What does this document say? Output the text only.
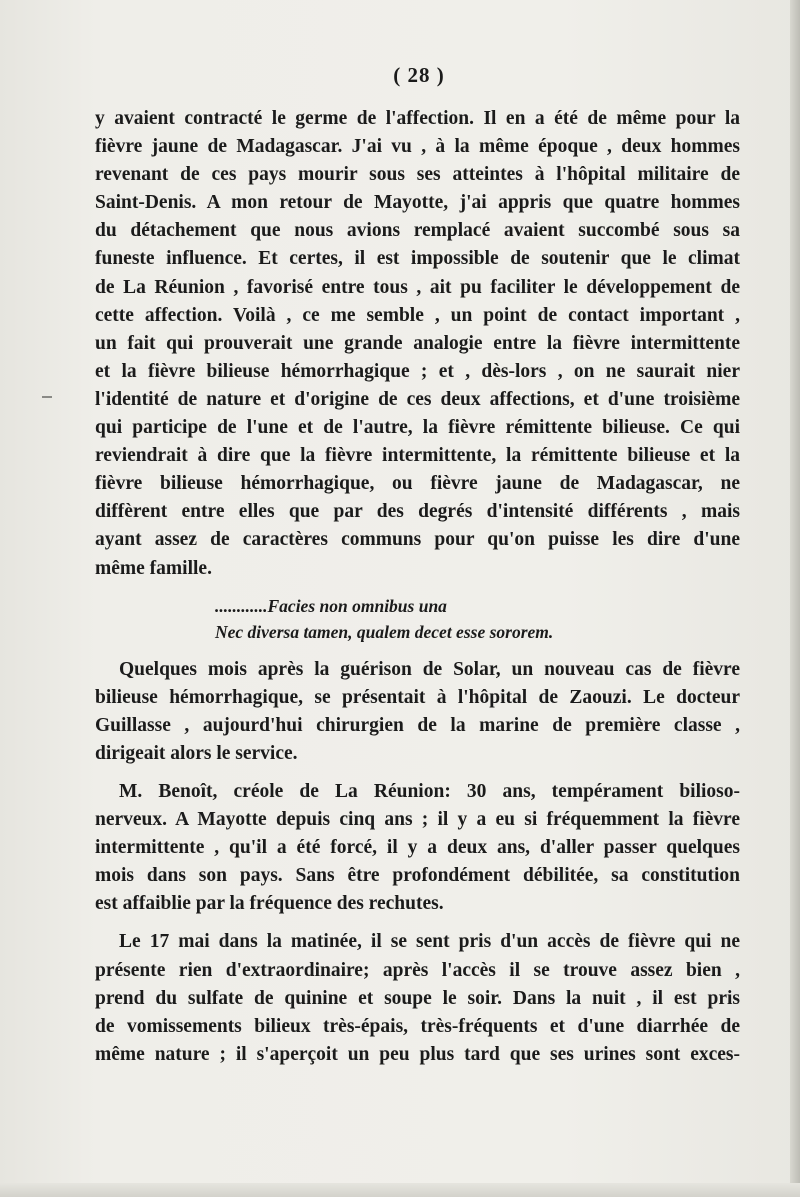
( 28 )
y avaient contracté le germe de l'affection. Il en a été de même pour la
fièvre jaune de Madagascar. J'ai vu , à la même époque , deux hommes
revenant de ces pays mourir sous ses atteintes à l'hôpital militaire de
Saint-Denis. A mon retour de Mayotte, j'ai appris que quatre hommes
du détachement que nous avions remplacé avaient succombé sous sa
funeste influence. Et certes, il est impossible de soutenir que le climat
de La Réunion , favorisé entre tous , ait pu faciliter le développement de
cette affection. Voilà , ce me semble , un point de contact important ,
un fait qui prouverait une grande analogie entre la fièvre intermittente
et la fièvre bilieuse hémorrhagique ; et , dès-lors , on ne saurait nier
l'identité de nature et d'origine de ces deux affections, et d'une troisième
qui participe de l'une et de l'autre, la fièvre rémittente bilieuse. Ce qui
reviendrait à dire que la fièvre intermittente, la rémittente bilieuse et la
fièvre bilieuse hémorrhagique, ou fièvre jaune de Madagascar, ne
diffèrent entre elles que par des degrés d'intensité différents , mais
ayant assez de caractères communs pour qu'on puisse les dire d'une
même famille.
............Facies non omnibus una
Nec diversa tamen, qualem decet esse sororem.
Quelques mois après la guérison de Solar, un nouveau cas de fièvre
bilieuse hémorrhagique, se présentait à l'hôpital de Zaouzi. Le docteur
Guillasse , aujourd'hui chirurgien de la marine de première classe ,
dirigeait alors le service.
M. Benoît, créole de La Réunion: 30 ans, tempérament bilioso-
nerveux. A Mayotte depuis cinq ans ; il y a eu si fréquemment la fièvre
intermittente , qu'il a été forcé, il y a deux ans, d'aller passer quelques
mois dans son pays. Sans être profondément débilitée, sa constitution
est affaiblie par la fréquence des rechutes.
Le 17 mai dans la matinée, il se sent pris d'un accès de fièvre qui ne
présente rien d'extraordinaire; après l'accès il se trouve assez bien ,
prend du sulfate de quinine et soupe le soir. Dans la nuit , il est pris
de vomissements bilieux très-épais, très-fréquents et d'une diarrhée de
même nature ; il s'aperçoit un peu plus tard que ses urines sont exces-
